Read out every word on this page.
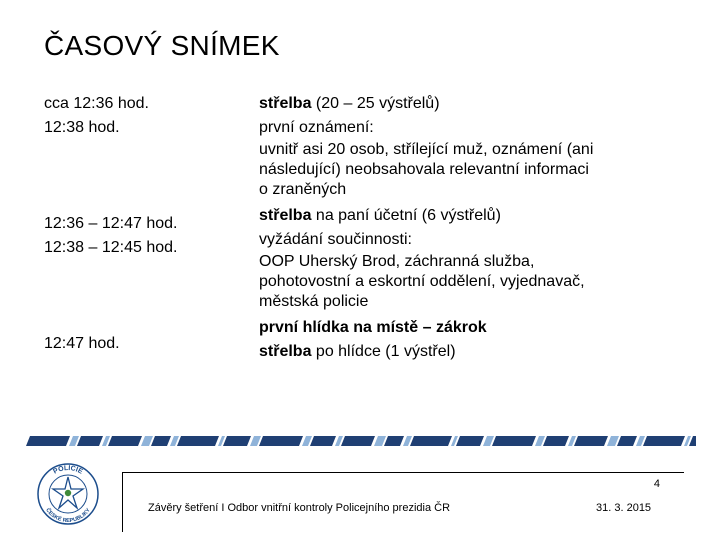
ČASOVÝ SNÍMEK
cca 12:36 hod.
12:38 hod.
12:36 – 12:47 hod.
12:38 – 12:45 hod.
12:47 hod.
střelba (20 – 25 výstřelů)
první oznámení:
uvnitř asi 20 osob, střílející muž, oznámení (ani
následující) neobsahovala relevantní informaci
o zraněných
střelba na paní účetní (6 výstřelů)
vyžádání součinnosti:
OOP Uherský Brod, záchranná služba,
pohotovostní a eskortní oddělení, vyjednavač,
městská policie
první hlídka na místě – zákrok
střelba po hlídce (1 výstřel)
POLICIE
ČESKÉ REPUBLIKY
4
Závěry šetření I Odbor vnitřní kontroly Policejního prezidia ČR	31. 3. 2015
